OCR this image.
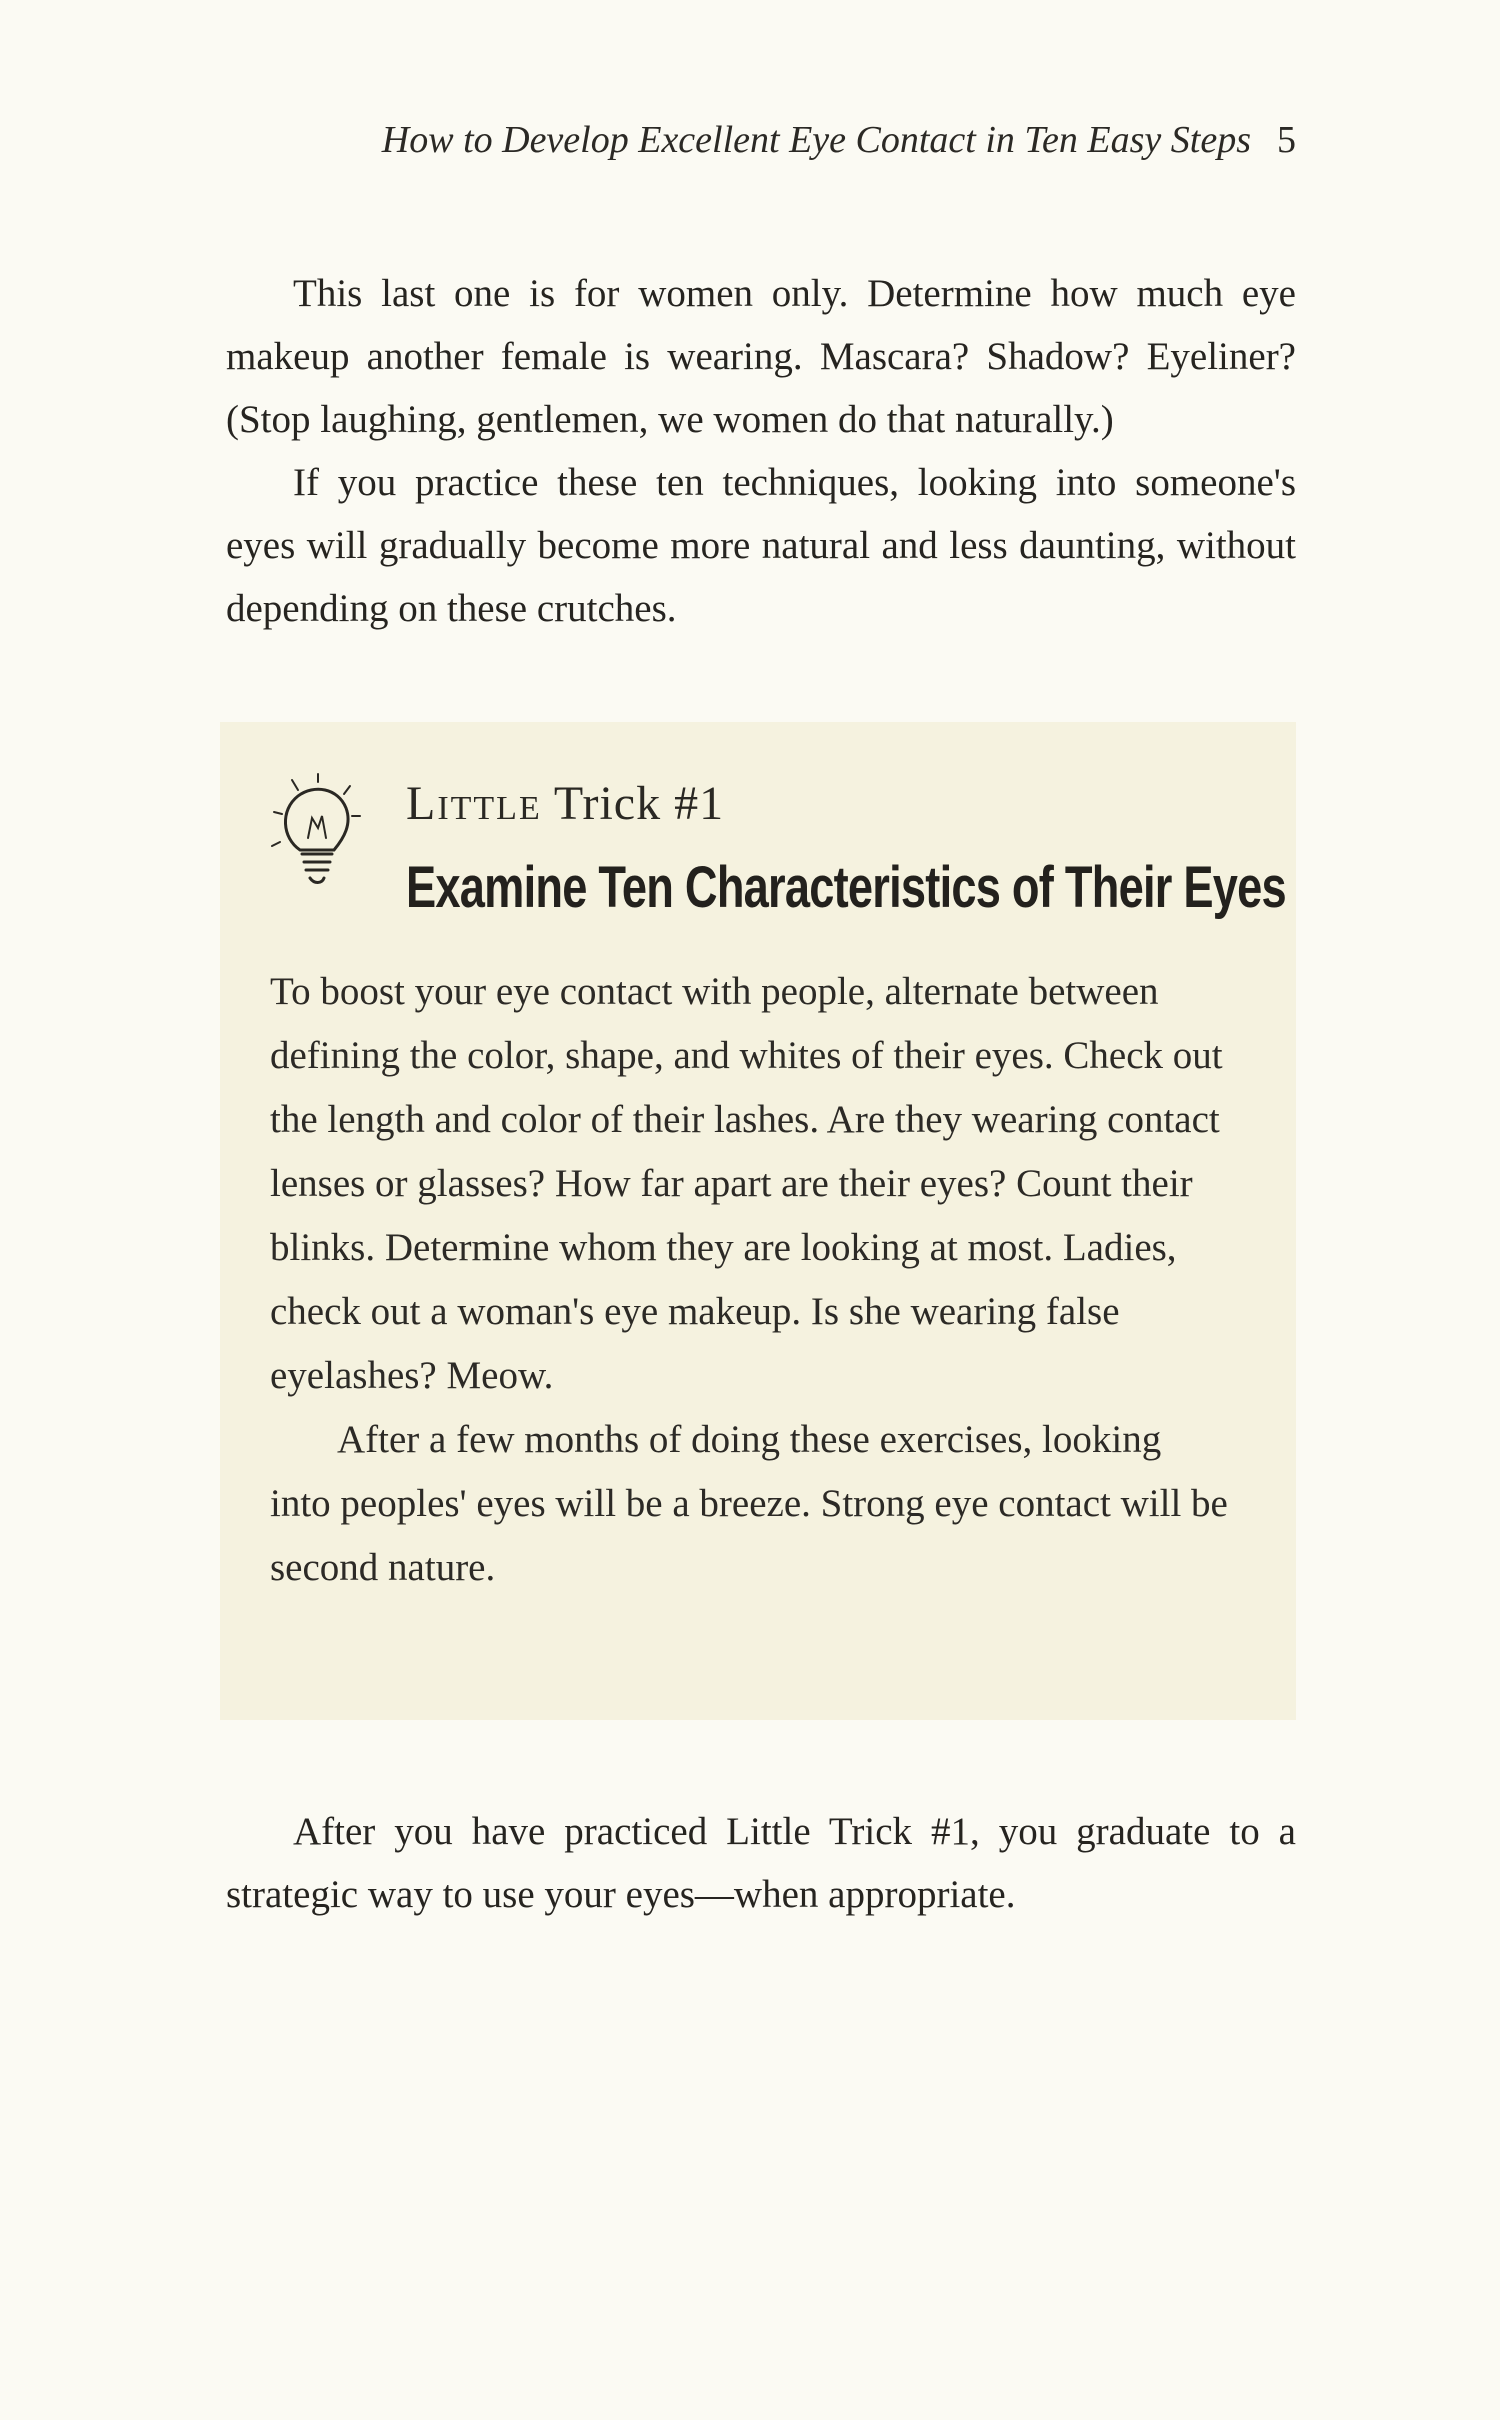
How to Develop Excellent Eye Contact in Ten Easy Steps 5

This last one is for women only. Determine how much eye makeup another female is wearing. Mascara? Shadow? Eyeliner? (Stop laughing, gentlemen, we women do that naturally.)

If you practice these ten techniques, looking into someone's eyes will gradually become more natural and less daunting, without depending on these crutches.

Little Trick #1
Examine Ten Characteristics of Their Eyes

To boost your eye contact with people, alternate between defining the color, shape, and whites of their eyes. Check out the length and color of their lashes. Are they wearing contact lenses or glasses? How far apart are their eyes? Count their blinks. Determine whom they are looking at most. Ladies, check out a woman's eye makeup. Is she wearing false eyelashes? Meow.

After a few months of doing these exercises, looking into peoples' eyes will be a breeze. Strong eye contact will be second nature.

After you have practiced Little Trick #1, you graduate to a strategic way to use your eyes—when appropriate.
